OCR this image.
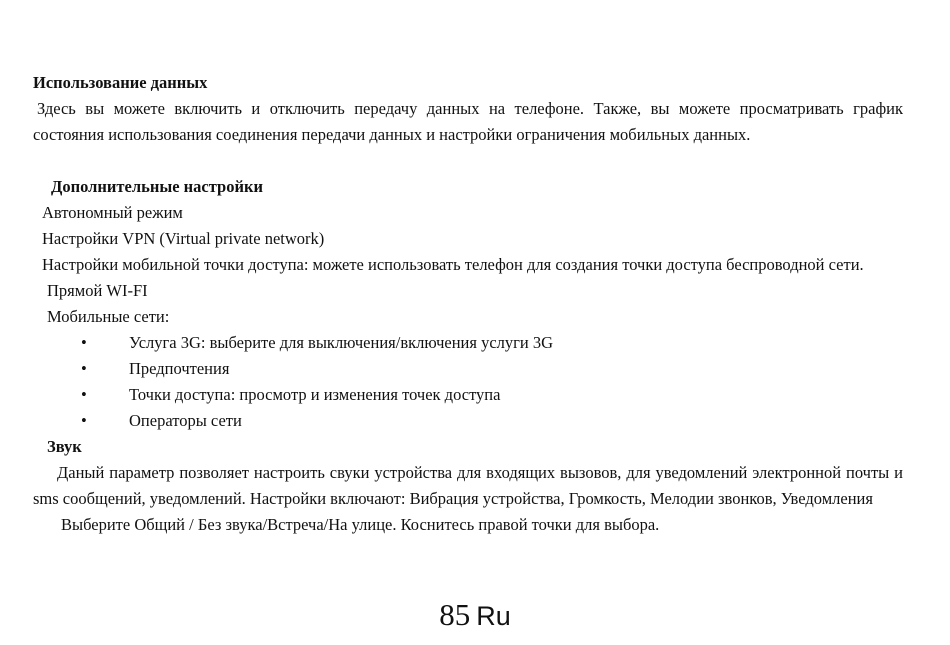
Использование данных

Здесь вы можете включить и отключить передачу данных на телефоне. Также, вы можете просматривать график состояния использования соединения передачи данных и настройки ограничения мобильных данных.

Дополнительные настройки

Автономный режим

Настройки VPN (Virtual private network)

Настройки мобильной точки доступа: можете использовать телефон для создания точки доступа беспроводной сети.

Прямой WI-FI

Мобильные сети:

•	Услуга 3G: выберите для выключения/включения услуги 3G
•	Предпочтения
•	Точки доступа: просмотр и изменения точек доступа
•	Операторы сети

Звук

Даный параметр позволяет настроить свуки устройства для входящих вызовов, для уведомлений электронной почты и sms сообщений, уведомлений. Настройки включают: Вибрация устройства, Громкость, Мелодии звонков, Уведомления

Выберите Общий / Без звука/Встреча/На улице. Коснитесь правой точки для выбора.

85 Ru
